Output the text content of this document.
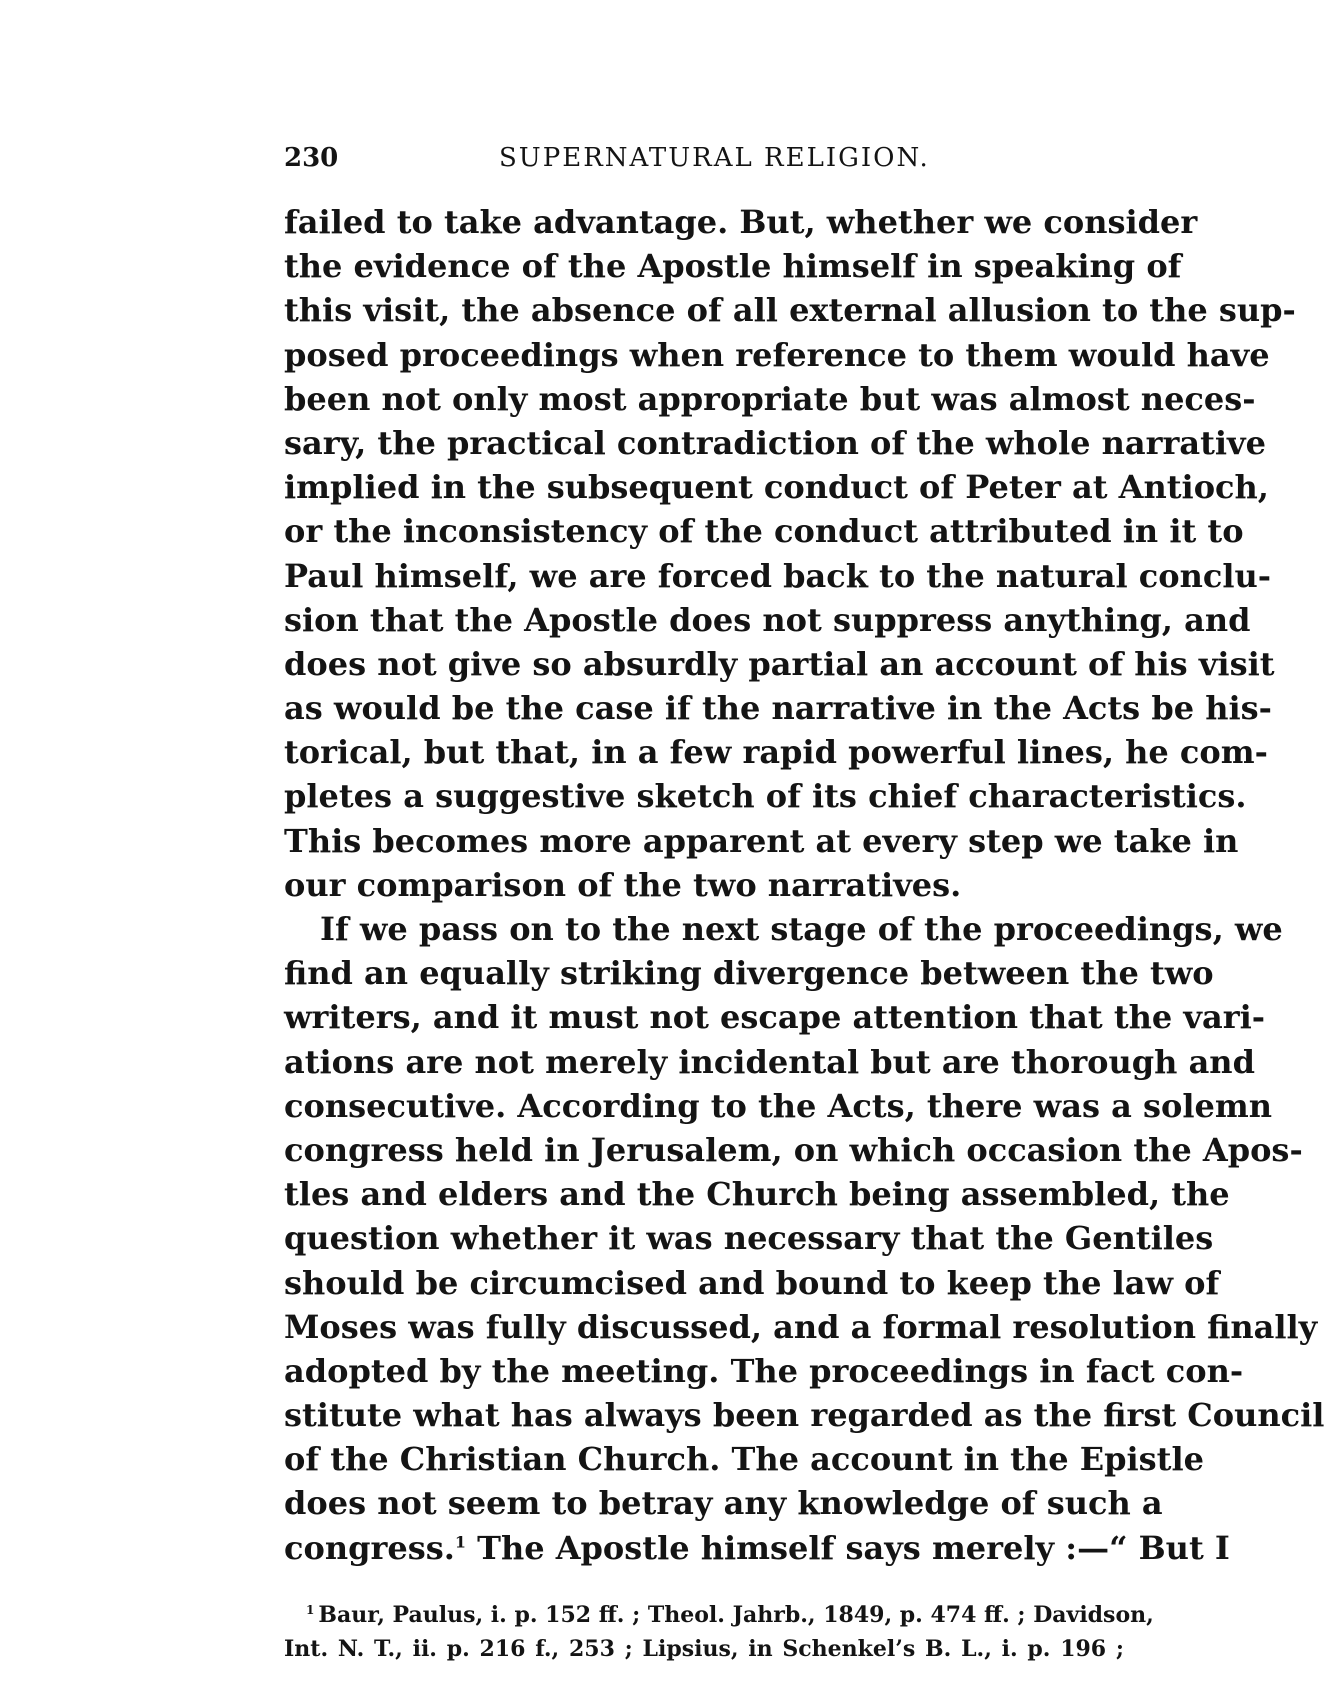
230	SUPERNATURAL RELIGION.
failed to take advantage. But, whether we consider
the evidence of the Apostle himself in speaking of
this visit, the absence of all external allusion to the sup-
posed proceedings when reference to them would have
been not only most appropriate but was almost neces-
sary, the practical contradiction of the whole narrative
implied in the subsequent conduct of Peter at Antioch,
or the inconsistency of the conduct attributed in it to
Paul himself, we are forced back to the natural conclu-
sion that the Apostle does not suppress anything, and
does not give so absurdly partial an account of his visit
as would be the case if the narrative in the Acts be his-
torical, but that, in a few rapid powerful lines, he com-
pletes a suggestive sketch of its chief characteristics.
This becomes more apparent at every step we take in
our comparison of the two narratives.
If we pass on to the next stage of the proceedings, we
find an equally striking divergence between the two
writers, and it must not escape attention that the vari-
ations are not merely incidental but are thorough and
consecutive. According to the Acts, there was a solemn
congress held in Jerusalem, on which occasion the Apos-
tles and elders and the Church being assembled, the
question whether it was necessary that the Gentiles
should be circumcised and bound to keep the law of
Moses was fully discussed, and a formal resolution finally
adopted by the meeting. The proceedings in fact con-
stitute what has always been regarded as the first Council
of the Christian Church. The account in the Epistle
does not seem to betray any knowledge of such a
congress.$^1$ The Apostle himself says merely :—“ But I
$^1$ Baur, Paulus, i. p. 152 ff. ; Theol. Jahrb., 1849, p. 474 ff. ; Davidson,
Int. N. T., ii. p. 216 f., 253 ; Lipsius, in Schenkel’s B. L., i. p. 196 ;
